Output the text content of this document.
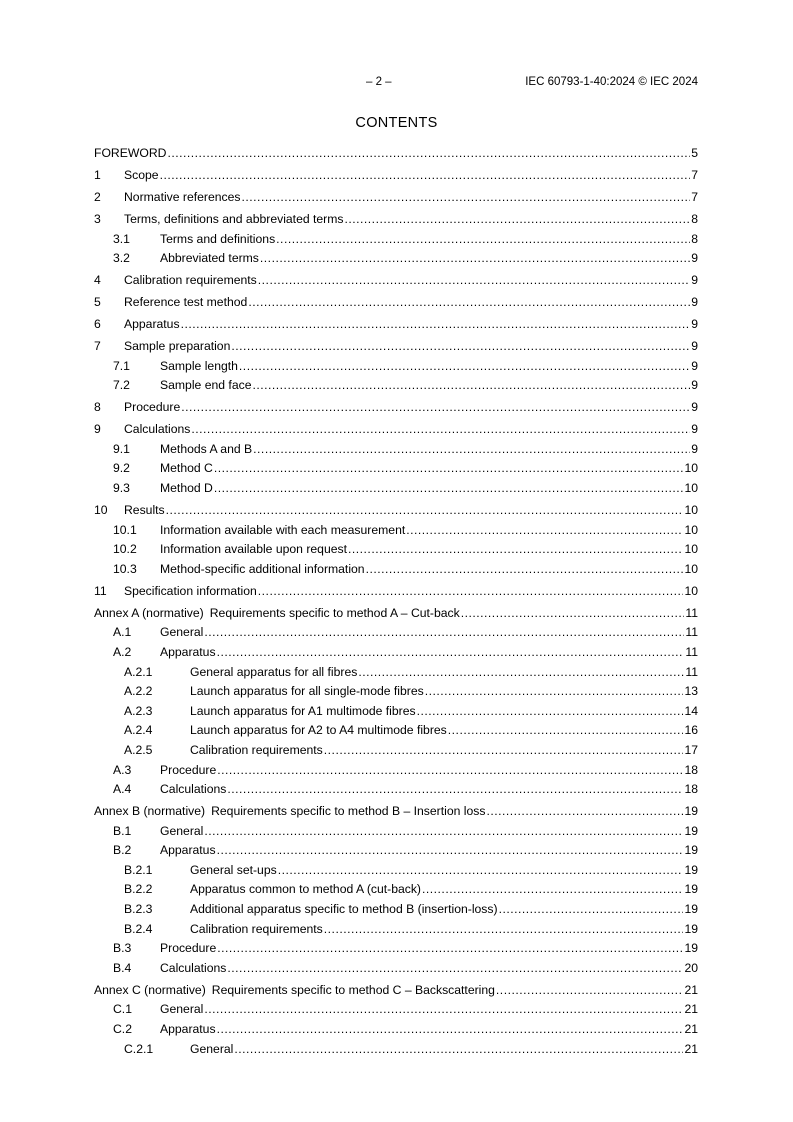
– 2 –	IEC 60793-1-40:2024 © IEC 2024
CONTENTS
FOREWORD .....	5
1	Scope .....	7
2	Normative references .....	7
3	Terms, definitions and abbreviated terms .....	8
3.1	Terms and definitions .....	8
3.2	Abbreviated terms .....	9
4	Calibration requirements .....	9
5	Reference test method .....	9
6	Apparatus .....	9
7	Sample preparation .....	9
7.1	Sample length .....	9
7.2	Sample end face .....	9
8	Procedure .....	9
9	Calculations .....	9
9.1	Methods A and B .....	9
9.2	Method C .....	10
9.3	Method D .....	10
10	Results .....	10
10.1	Information available with each measurement .....	10
10.2	Information available upon request .....	10
10.3	Method-specific additional information .....	10
11	Specification information .....	10
Annex A (normative) Requirements specific to method A – Cut-back .....	11
A.1	General .....	11
A.2	Apparatus .....	11
A.2.1	General apparatus for all fibres .....	11
A.2.2	Launch apparatus for all single-mode fibres .....	13
A.2.3	Launch apparatus for A1 multimode fibres .....	14
A.2.4	Launch apparatus for A2 to A4 multimode fibres .....	16
A.2.5	Calibration requirements .....	17
A.3	Procedure .....	18
A.4	Calculations .....	18
Annex B (normative) Requirements specific to method B – Insertion loss .....	19
B.1	General .....	19
B.2	Apparatus .....	19
B.2.1	General set-ups .....	19
B.2.2	Apparatus common to method A (cut-back) .....	19
B.2.3	Additional apparatus specific to method B (insertion-loss) .....	19
B.2.4	Calibration requirements .....	19
B.3	Procedure .....	19
B.4	Calculations .....	20
Annex C (normative) Requirements specific to method C – Backscattering .....	21
C.1	General .....	21
C.2	Apparatus .....	21
C.2.1	General .....	21
